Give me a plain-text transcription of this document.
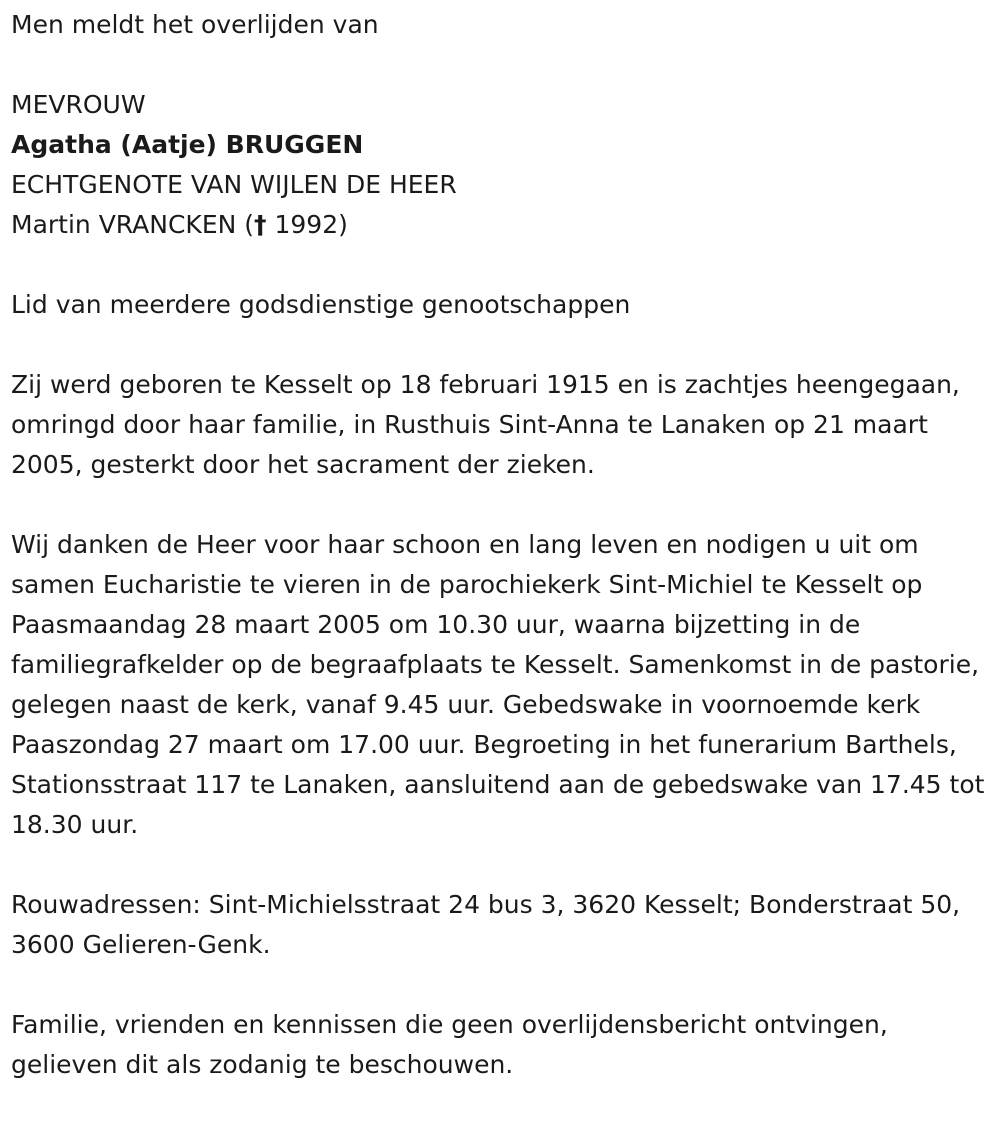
Men meldt het overlijden van

MEVROUW

Agatha (Aatje) BRUGGEN

ECHTGENOTE VAN WIJLEN DE HEER

Martin VRANCKEN († 1992)

Lid van meerdere godsdienstige genootschappen

Zij werd geboren te Kesselt op 18 februari 1915 en is zachtjes heengegaan, omringd door haar familie, in Rusthuis Sint-Anna te Lanaken op 21 maart 2005, gesterkt door het sacrament der zieken.

Wij danken de Heer voor haar schoon en lang leven en nodigen u uit om samen Eucharistie te vieren in de parochiekerk Sint-Michiel te Kesselt op Paasmaandag 28 maart 2005 om 10.30 uur, waarna bijzetting in de familiegrafkelder op de begraafplaats te Kesselt. Samenkomst in de pastorie, gelegen naast de kerk, vanaf 9.45 uur. Gebedswake in voornoemde kerk Paaszondag 27 maart om 17.00 uur. Begroeting in het funerarium Barthels, Stationsstraat 117 te Lanaken, aansluitend aan de gebedswake van 17.45 tot 18.30 uur.

Rouwadressen: Sint-Michielsstraat 24 bus 3, 3620 Kesselt; Bonderstraat 50, 3600 Gelieren-Genk.

Familie, vrienden en kennissen die geen overlijdensbericht ontvingen, gelieven dit als zodanig te beschouwen.
